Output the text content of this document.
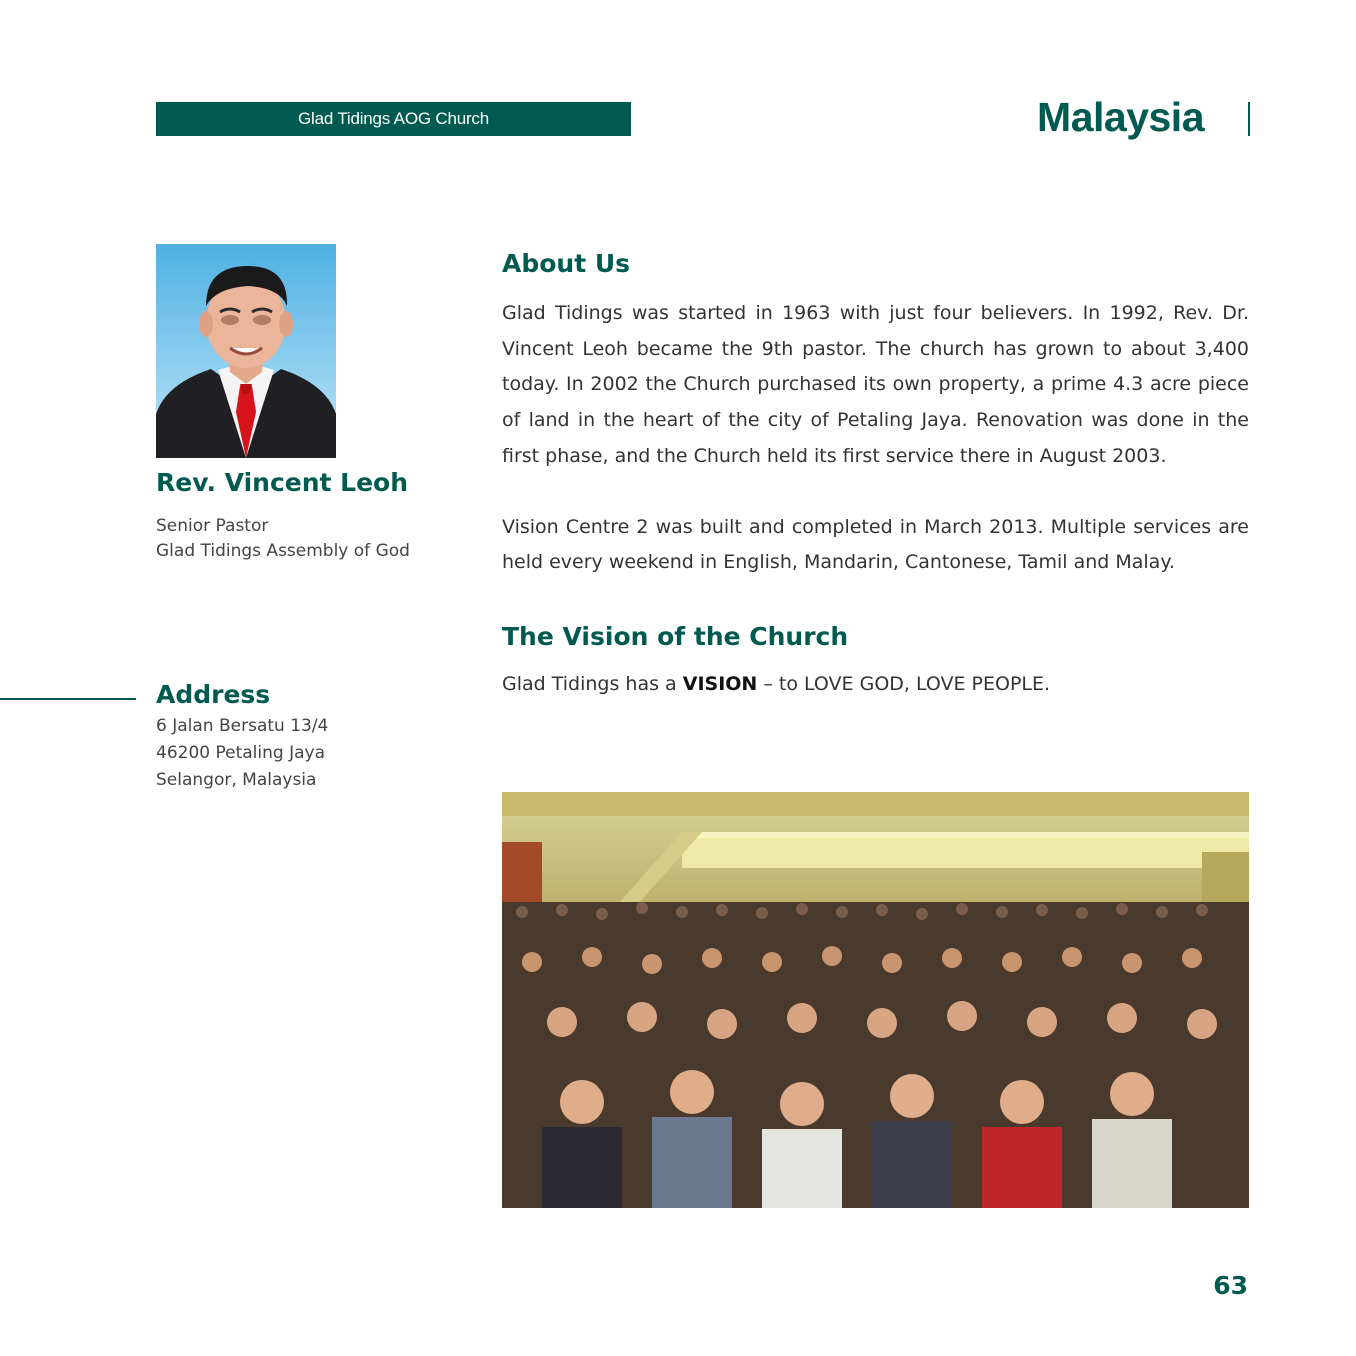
Glad Tidings AOG Church	Malaysia
Rev. Vincent Leoh
Senior Pastor
Glad Tidings Assembly of God
Address
6 Jalan Bersatu 13/4
46200 Petaling Jaya
Selangor, Malaysia
About Us

Glad Tidings was started in 1963 with just four believers. In 1992, Rev. Dr. Vincent Leoh became the 9th pastor. The church has grown to about 3,400 today. In 2002 the Church purchased its own property, a prime 4.3 acre piece of land in the heart of the city of Petaling Jaya. Renovation was done in the first phase, and the Church held its first service there in August 2003.

Vision Centre 2 was built and completed in March 2013. Multiple services are held every weekend in English, Mandarin, Cantonese, Tamil and Malay.

The Vision of the Church

Glad Tidings has a VISION – to LOVE GOD, LOVE PEOPLE.

63
